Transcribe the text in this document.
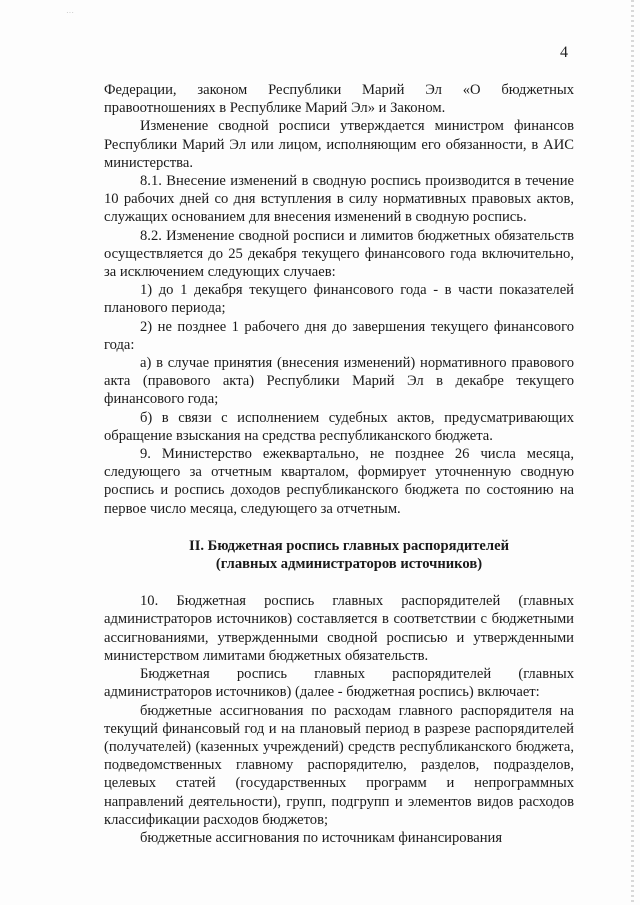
···
4

Федерации, законом Республики Марий Эл «О бюджетных правоотношениях в Республике Марий Эл» и Законом.

Изменение сводной росписи утверждается министром финансов Республики Марий Эл или лицом, исполняющим его обязанности, в АИС министерства.

8.1. Внесение изменений в сводную роспись производится в течение 10 рабочих дней со дня вступления в силу нормативных правовых актов, служащих основанием для внесения изменений в сводную роспись.

8.2. Изменение сводной росписи и лимитов бюджетных обязательств осуществляется до 25 декабря текущего финансового года включительно, за исключением следующих случаев:

1) до 1 декабря текущего финансового года - в части показателей планового периода;

2) не позднее 1 рабочего дня до завершения текущего финансового года:

а) в случае принятия (внесения изменений) нормативного правового акта (правового акта) Республики Марий Эл в декабре текущего финансового года;

б) в связи с исполнением судебных актов, предусматривающих обращение взыскания на средства республиканского бюджета.

9. Министерство ежеквартально, не позднее 26 числа месяца, следующего за отчетным кварталом, формирует уточненную сводную роспись и роспись доходов республиканского бюджета по состоянию на первое число месяца, следующего за отчетным.

II. Бюджетная роспись главных распорядителей

(главных администраторов источников)

10. Бюджетная роспись главных распорядителей (главных администраторов источников) составляется в соответствии с бюджетными ассигнованиями, утвержденными сводной росписью и утвержденными министерством лимитами бюджетных обязательств.

Бюджетная роспись главных распорядителей (главных администраторов источников) (далее - бюджетная роспись) включает:

бюджетные ассигнования по расходам главного распорядителя на текущий финансовый год и на плановый период в разрезе распорядителей (получателей) (казенных учреждений) средств республиканского бюджета, подведомственных главному распорядителю, разделов, подразделов, целевых статей (государственных программ и непрограммных направлений деятельности), групп, подгрупп и элементов видов расходов классификации расходов бюджетов;

бюджетные ассигнования по источникам финансирования
